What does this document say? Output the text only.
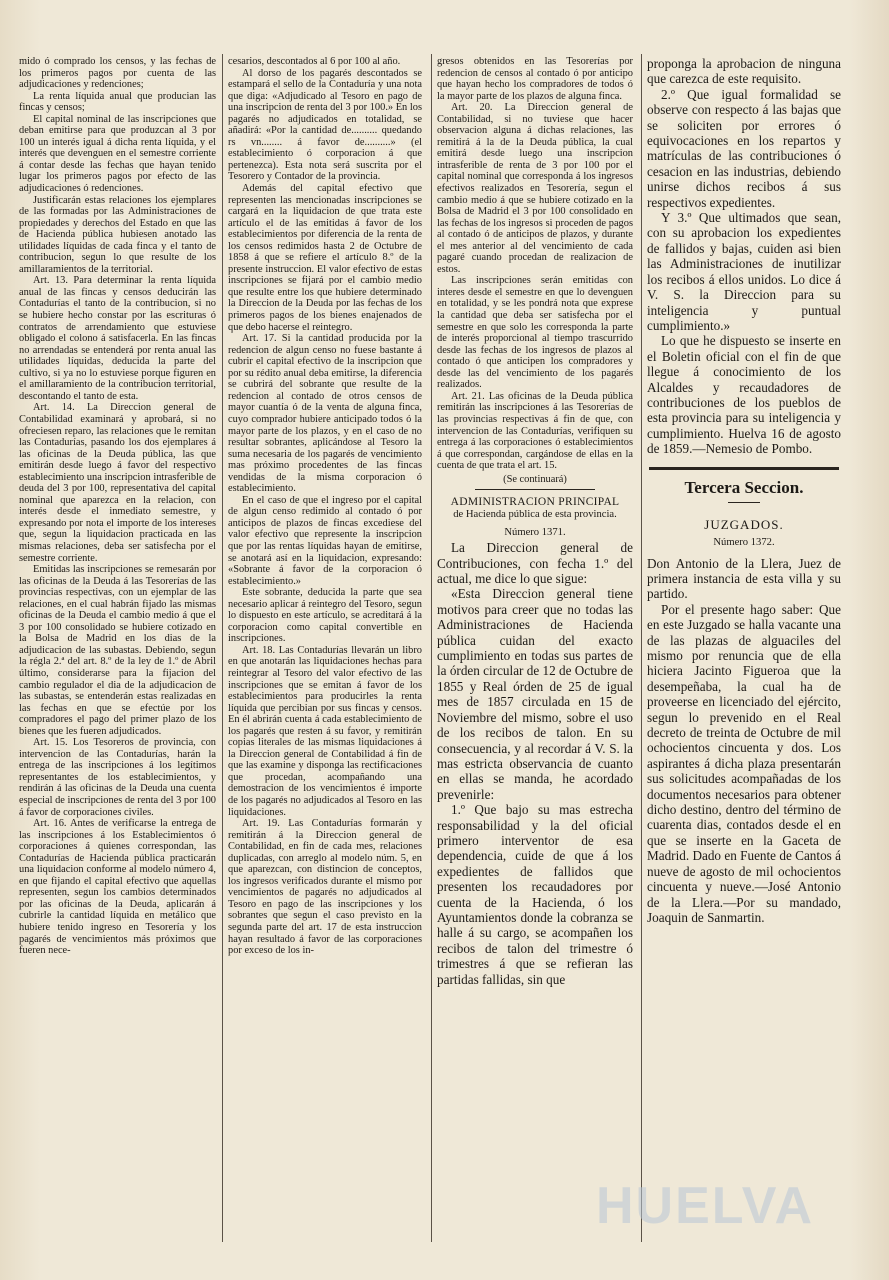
mido ó comprado los censos, y las fechas de los primeros pagos por cuenta de las adjudicaciones y redenciones;

La renta líquida anual que producian las fincas y censos;

El capital nominal de las inscripciones que deban emitirse para que produzcan al 3 por 100 un interés igual á dicha renta líquida, y el interés que devenguen en el semestre corriente á contar desde las fechas que hayan tenido lugar los primeros pagos por efecto de las adjudicaciones ó redenciones.

Justificarán estas relaciones los ejemplares de las formadas por las Administraciones de propiedades y derechos del Estado en que las de Hacienda pública hubiesen anotado las utilidades líquidas de cada finca y el tanto de contribucion, segun lo que resulte de los amillaramientos de la territorial.

Art. 13. Para determinar la renta líquida anual de las fincas y censos deducirán las Contadurías el tanto de la contribucion, si no se hubiere hecho constar por las escrituras ó contratos de arrendamiento que estuviese obligado el colono á satisfacerla. En las fincas no arrendadas se entenderá por renta anual las utilidades líquidas, deducida la parte del cultivo, si ya no lo estuviese porque figuren en el amillaramiento de la contribucion territorial, descontando el tanto de esta.

Art. 14. La Direccion general de Contabilidad examinará y aprobará, si no ofreciesen reparo, las relaciones que le remitan las Contadurías, pasando los dos ejemplares á las oficinas de la Deuda pública, las que emitirán desde luego á favor del respectivo establecimiento una inscripcion intrasferible de deuda del 3 por 100, representativa del capital nominal que aparezca en la relacion, con interés desde el inmediato semestre, y expresando por nota el importe de los intereses que, segun la liquidacion practicada en las mismas relaciones, deba ser satisfecha por el semestre corriente.

Emitidas las inscripciones se remesarán por las oficinas de la Deuda á las Tesorerías de las provincias respectivas, con un ejemplar de las relaciones, en el cual habrán fijado las mismas oficinas de la Deuda el cambio medio á que el 3 por 100 consolidado se hubiere cotizado en la Bolsa de Madrid en los dias de la adjudicacion de las subastas. Debiendo, segun la régla 2.ª del art. 8.º de la ley de 1.º de Abril último, considerarse para la fijacion del cambio regulador el dia de la adjudicacion de las subastas, se entenderán estas realizadas en las fechas en que se efectúe por los compradores el pago del primer plazo de los bienes que les fueren adjudicados.

Art. 15. Los Tesoreros de provincia, con intervencion de las Contadurías, harán la entrega de las inscripciones á los legítimos representantes de los establecimientos, y rendirán á las oficinas de la Deuda una cuenta especial de inscripciones de renta del 3 por 100 á favor de corporaciones civiles.

Art. 16. Antes de verificarse la entrega de las inscripciones á los Establecimientos ó corporaciones á quienes correspondan, las Contadurías de Hacienda pública practicarán una liquidacion conforme al modelo número 4, en que fijando el capital efectivo que aquellas representen, segun los cambios determinados por las oficinas de la Deuda, aplicarán á cubrirle la cantidad líquida en metálico que hubiere tenido ingreso en Tesorería y los pagarés de vencimientos más próximos que fueren nece-

cesarios, descontados al 6 por 100 al año.

Al dorso de los pagarés descontados se estampará el sello de la Contaduría y una nota que diga: «Adjudicado al Tesoro en pago de una inscripcion de renta del 3 por 100.» En los pagarés no adjudicados en totalidad, se añadirá: «Por la cantidad de.......... quedando rs vn........ á favor de..........» (el establecimiento ó corporacion á que pertenezca). Esta nota será suscrita por el Tesorero y Contador de la provincia.

Además del capital efectivo que representen las mencionadas inscripciones se cargará en la liquidacion de que trata este artículo el de las emitidas á favor de los establecimientos por diferencia de la renta de los censos redimidos hasta 2 de Octubre de 1858 á que se refiere el artículo 8.º de la presente instruccion. El valor efectivo de estas inscripciones se fijará por el cambio medio que resulte entre los que hubiere determinado la Direccion de la Deuda por las fechas de los primeros pagos de los bienes enajenados de que debo hacerse el reintegro.

Art. 17. Si la cantidad producida por la redencion de algun censo no fuese bastante á cubrir el capital efectivo de la inscripcion que por su rédito anual deba emitirse, la diferencia se cubrirá del sobrante que resulte de la redencion al contado de otros censos de mayor cuantía ó de la venta de alguna finca, cuyo comprador hubiere anticipado todos ó la mayor parte de los plazos, y en el caso de no resultar sobrantes, aplicándose al Tesoro la suma necesaria de los pagarés de vencimiento mas próximo procedentes de las fincas vendidas de la misma corporacion ó establecimiento.

En el caso de que el ingreso por el capital de algun censo redimido al contado ó por anticipos de plazos de fincas excediese del valor efectivo que represente la inscripcion que por las rentas líquidas hayan de emitirse, se anotará así en la liquidacion, expresando: «Sobrante á favor de la corporacion ó establecimiento.»

Este sobrante, deducida la parte que sea necesario aplicar á reintegro del Tesoro, segun lo dispuesto en este artículo, se acreditará á la corporacion como capital convertible en inscripciones.

Art. 18. Las Contadurías llevarán un libro en que anotarán las liquidaciones hechas para reintegrar al Tesoro del valor efectivo de las inscripciones que se emitan á favor de los establecimientos para producirles la renta líquida que percibian por sus fincas y censos. En él abrirán cuenta á cada establecimiento de los pagarés que resten á su favor, y remitirán copias literales de las mismas liquidaciones á la Direccion general de Contabilidad á fin de que las examine y disponga las rectificaciones que procedan, acompañando una demostracion de los vencimientos é importe de los pagarés no adjudicados al Tesoro en las liquidaciones.

Art. 19. Las Contadurías formarán y remitirán á la Direccion general de Contabilidad, en fin de cada mes, relaciones duplicadas, con arreglo al modelo núm. 5, en que aparezcan, con distincion de conceptos, los ingresos verificados durante el mismo por vencimientos de pagarés no adjudicados al Tesoro en pago de las inscripciones y los sobrantes que segun el caso previsto en la segunda parte del art. 17 de esta instruccion hayan resultado á favor de las corporaciones por exceso de los in-

gresos obtenidos en las Tesorerías por redencion de censos al contado ó por anticipo que hayan hecho los compradores de todos ó la mayor parte de los plazos de alguna finca.

Art. 20. La Direccion general de Contabilidad, si no tuviese que hacer observacion alguna á dichas relaciones, las remitirá á la de la Deuda pública, la cual emitirá desde luego una inscripcion intrasferible de renta de 3 por 100 por el capital nominal que corresponda á los ingresos efectivos realizados en Tesorería, segun el cambio medio á que se hubiere cotizado en la Bolsa de Madrid el 3 por 100 consolidado en las fechas de los ingresos si proceden de pagos al contado ó de anticipos de plazos, y durante el mes anterior al del vencimiento de cada pagaré cuando procedan de realizacion de estos.

Las inscripciones serán emitidas con interes desde el semestre en que lo devenguen en totalidad, y se les pondrá nota que exprese la cantidad que deba ser satisfecha por el semestre en que solo les corresponda la parte de interés proporcional al tiempo trascurrido desde las fechas de los ingresos de plazos al contado ó que anticipen los compradores y desde las del vencimiento de los pagarés realizados.

Art. 21. Las oficinas de la Deuda pública remitirán las inscripciones á las Tesorerías de las provincias respectivas á fin de que, con intervencion de las Contadurías, verifiquen su entrega á las corporaciones ó establecimientos á que correspondan, cargándose de ellas en la cuenta de que trata el art. 15.

(Se continuará)
ADMINISTRACION PRINCIPAL
de Hacienda pública de esta provincia.
Número 1371.

La Direccion general de Contribuciones, con fecha 1.º del actual, me dice lo que sigue:

«Esta Direccion general tiene motivos para creer que no todas las Administraciones de Hacienda pública cuidan del exacto cumplimiento en todas sus partes de la órden circular de 12 de Octubre de 1855 y Real órden de 25 de igual mes de 1857 circulada en 15 de Noviembre del mismo, sobre el uso de los recibos de talon. En su consecuencia, y al recordar á V. S. la mas estricta observancia de cuanto en ellas se manda, he acordado prevenirle:

1.º Que bajo su mas estrecha responsabilidad y la del oficial primero interventor de esa dependencia, cuide de que á los expedientes de fallidos que presenten los recaudadores por cuenta de la Hacienda, ó los Ayuntamientos donde la cobranza se halle á su cargo, se acompañen los recibos de talon del trimestre ó trimestres á que se refieran las partidas fallidas, sin que

proponga la aprobacion de ninguna que carezca de este requisito.

2.º Que igual formalidad se observe con respecto á las bajas que se soliciten por errores ó equivocaciones en los repartos y matrículas de las contribuciones ó cesacion en las industrias, debiendo unirse dichos recibos á sus respectivos expedientes.

Y 3.º Que ultimados que sean, con su aprobacion los expedientes de fallidos y bajas, cuiden asi bien las Administraciones de inutilizar los recibos á ellos unidos. Lo dice á V. S. la Direccion para su inteligencia y puntual cumplimiento.»

Lo que he dispuesto se inserte en el Boletin oficial con el fin de que llegue á conocimiento de los Alcaldes y recaudadores de contribuciones de los pueblos de esta provincia para su inteligencia y cumplimiento. Huelva 16 de agosto de 1859.—Nemesio de Pombo.

Tercera Seccion.
JUZGADOS.
Número 1372.

Don Antonio de la Llera, Juez de primera instancia de esta villa y su partido.

Por el presente hago saber: Que en este Juzgado se halla vacante una de las plazas de alguaciles del mismo por renuncia que de ella hiciera Jacinto Figueroa que la desempeñaba, la cual ha de proveerse en licenciado del ejército, segun lo prevenido en el Real decreto de treinta de Octubre de mil ochocientos cincuenta y dos. Los aspirantes á dicha plaza presentarán sus solicitudes acompañadas de los documentos necesarios para obtener dicho destino, dentro del término de cuarenta dias, contados desde el en que se inserte en la Gaceta de Madrid. Dado en Fuente de Cantos á nueve de agosto de mil ochocientos cincuenta y nueve.—José Antonio de la Llera.—Por su mandado, Joaquin de Sanmartin.

HUELVA
